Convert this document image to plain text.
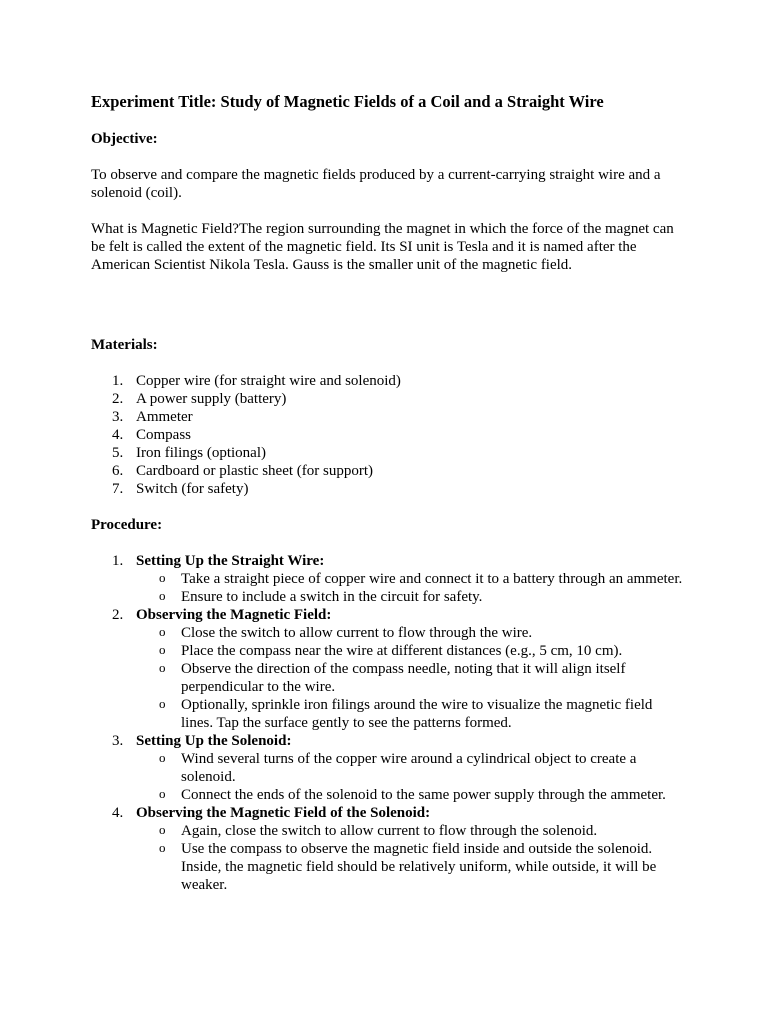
Experiment Title: Study of Magnetic Fields of a Coil and a Straight Wire
Objective:
To observe and compare the magnetic fields produced by a current-carrying straight wire and a solenoid (coil).
What is Magnetic Field?The region surrounding the magnet in which the force of the magnet can be felt is called the extent of the magnetic field. Its SI unit is Tesla and it is named after the American Scientist Nikola Tesla. Gauss is the smaller unit of the magnetic field.
Materials:
1. Copper wire (for straight wire and solenoid)
2. A power supply (battery)
3. Ammeter
4. Compass
5. Iron filings (optional)
6. Cardboard or plastic sheet (for support)
7. Switch (for safety)
Procedure:
1. Setting Up the Straight Wire:
o Take a straight piece of copper wire and connect it to a battery through an ammeter.
o Ensure to include a switch in the circuit for safety.
2. Observing the Magnetic Field:
o Close the switch to allow current to flow through the wire.
o Place the compass near the wire at different distances (e.g., 5 cm, 10 cm).
o Observe the direction of the compass needle, noting that it will align itself perpendicular to the wire.
o Optionally, sprinkle iron filings around the wire to visualize the magnetic field lines. Tap the surface gently to see the patterns formed.
3. Setting Up the Solenoid:
o Wind several turns of the copper wire around a cylindrical object to create a solenoid.
o Connect the ends of the solenoid to the same power supply through the ammeter.
4. Observing the Magnetic Field of the Solenoid:
o Again, close the switch to allow current to flow through the solenoid.
o Use the compass to observe the magnetic field inside and outside the solenoid. Inside, the magnetic field should be relatively uniform, while outside, it will be weaker.
